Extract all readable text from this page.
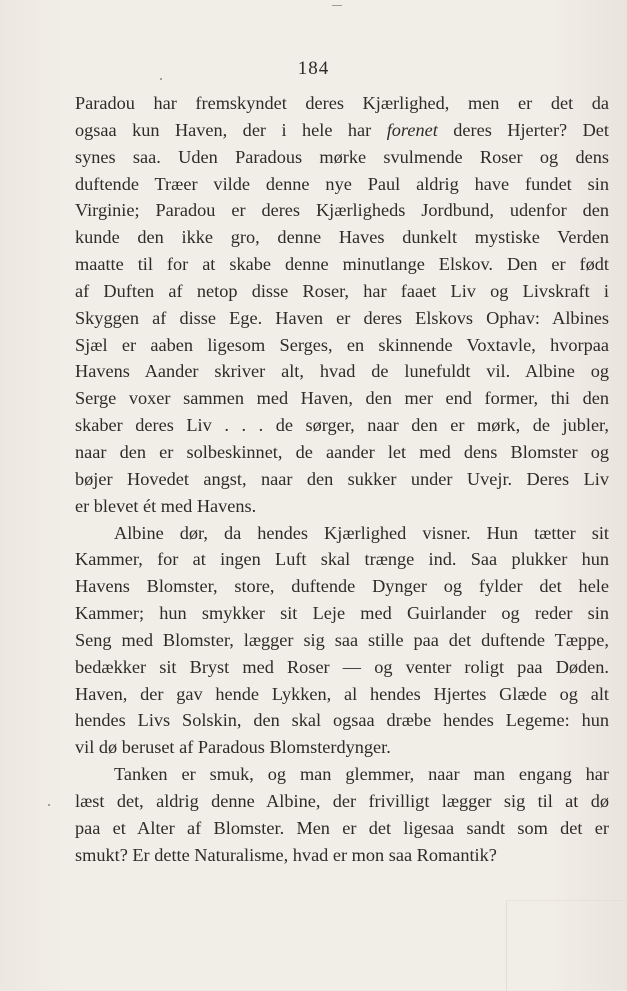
—
184

Paradou har fremskyndet deres Kjærlighed, men er det da
ogsaa kun Haven, der i hele har forenet deres Hjerter? Det
synes saa. Uden Paradous mørke svulmende Roser og dens
duftende Træer vilde denne nye Paul aldrig have fundet sin
Virginie; Paradou er deres Kjærligheds Jordbund, udenfor den
kunde den ikke gro, denne Haves dunkelt mystiske Verden
maatte til for at skabe denne minutlange Elskov. Den er født
af Duften af netop disse Roser, har faaet Liv og Livskraft i
Skyggen af disse Ege. Haven er deres Elskovs Ophav: Albines
Sjæl er aaben ligesom Serges, en skinnende Voxtavle, hvorpaa
Havens Aander skriver alt, hvad de lunefuldt vil. Albine og
Serge voxer sammen med Haven, den mer end former, thi den
skaber deres Liv . . . de sørger, naar den er mørk, de jubler,
naar den er solbeskinnet, de aander let med dens Blomster og
bøjer Hovedet angst, naar den sukker under Uvejr. Deres Liv
er blevet ét med Havens.

Albine dør, da hendes Kjærlighed visner. Hun tætter sit
Kammer, for at ingen Luft skal trænge ind. Saa plukker hun
Havens Blomster, store, duftende Dynger og fylder det hele
Kammer; hun smykker sit Leje med Guirlander og reder sin
Seng med Blomster, lægger sig saa stille paa det duftende Tæppe,
bedækker sit Bryst med Roser — og venter roligt paa Døden.
Haven, der gav hende Lykken, al hendes Hjertes Glæde og alt
hendes Livs Solskin, den skal ogsaa dræbe hendes Legeme: hun
vil dø beruset af Paradous Blomsterdynger.

Tanken er smuk, og man glemmer, naar man engang har
læst det, aldrig denne Albine, der frivilligt lægger sig til at dø
paa et Alter af Blomster. Men er det ligesaa sandt som det er
smukt? Er dette Naturalisme, hvad er mon saa Romantik?
